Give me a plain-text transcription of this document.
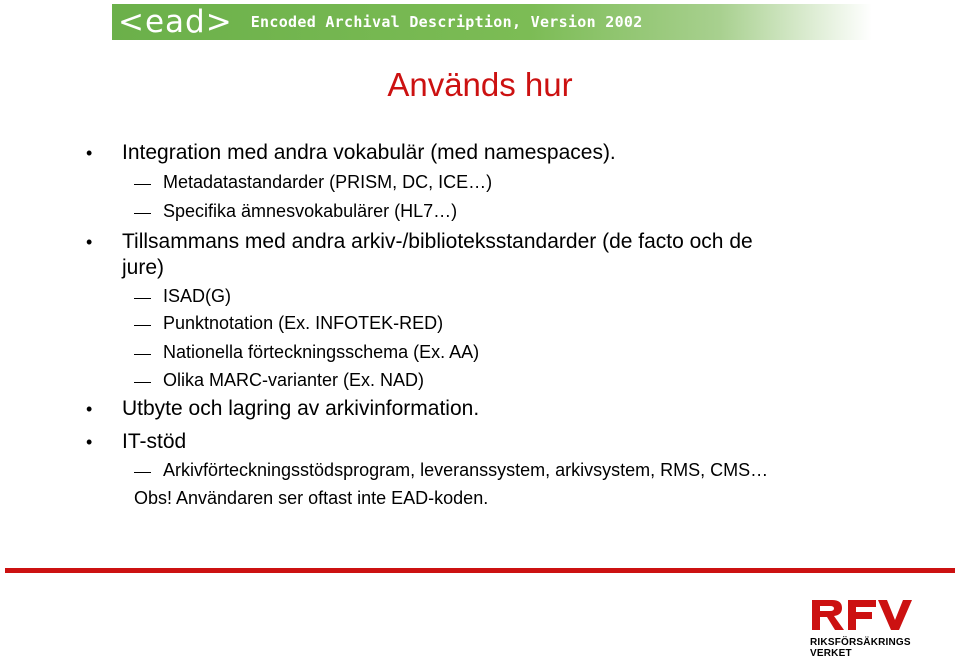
<ead> Encoded Archival Description, Version 2002
Används hur
• Integration med andra vokabulär (med namespaces).
Metadatastandarder (PRISM, DC, ICE…)
Specifika ämnesvokabulärer (HL7…)
• Tillsammans med andra arkiv-/biblioteksstandarder (de facto och de
jure)
ISAD(G)
Punktnotation (Ex. INFOTEK-RED)
Nationella förteckningsschema (Ex. AA)
Olika MARC-varianter (Ex. NAD)
• Utbyte och lagring av arkivinformation.
• IT-stöd
Arkivförteckningsstödsprogram, leveranssystem, arkivsystem, RMS, CMS…
Obs! Användaren ser oftast inte EAD-koden.
RIKSFÖRSÄKRINGS
VERKET
